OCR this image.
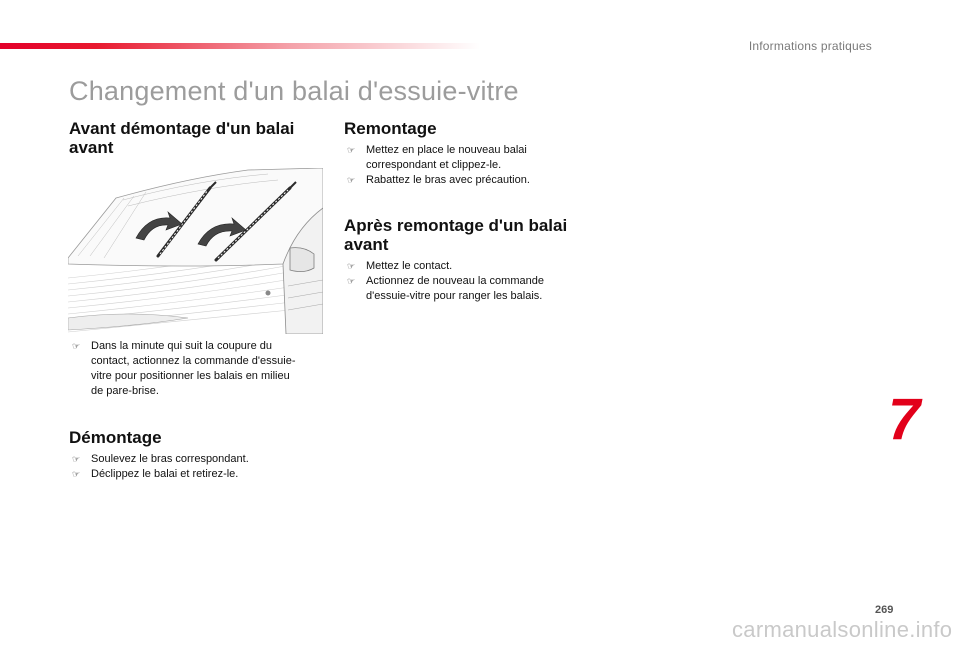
Informations pratiques
Changement d'un balai d'essuie-vitre
Avant démontage d'un balai
avant
☞ Dans la minute qui suit la coupure du
contact, actionnez la commande d'essuie-
vitre pour positionner les balais en milieu
de pare-brise.
Démontage
☞ Soulevez le bras correspondant.
☞ Déclippez le balai et retirez-le.
Remontage
☞ Mettez en place le nouveau balai
correspondant et clippez-le.
☞ Rabattez le bras avec précaution.
Après remontage d'un balai
avant
☞ Mettez le contact.
☞ Actionnez de nouveau la commande
d'essuie-vitre pour ranger les balais.
7
269
carmanualsonline.info
